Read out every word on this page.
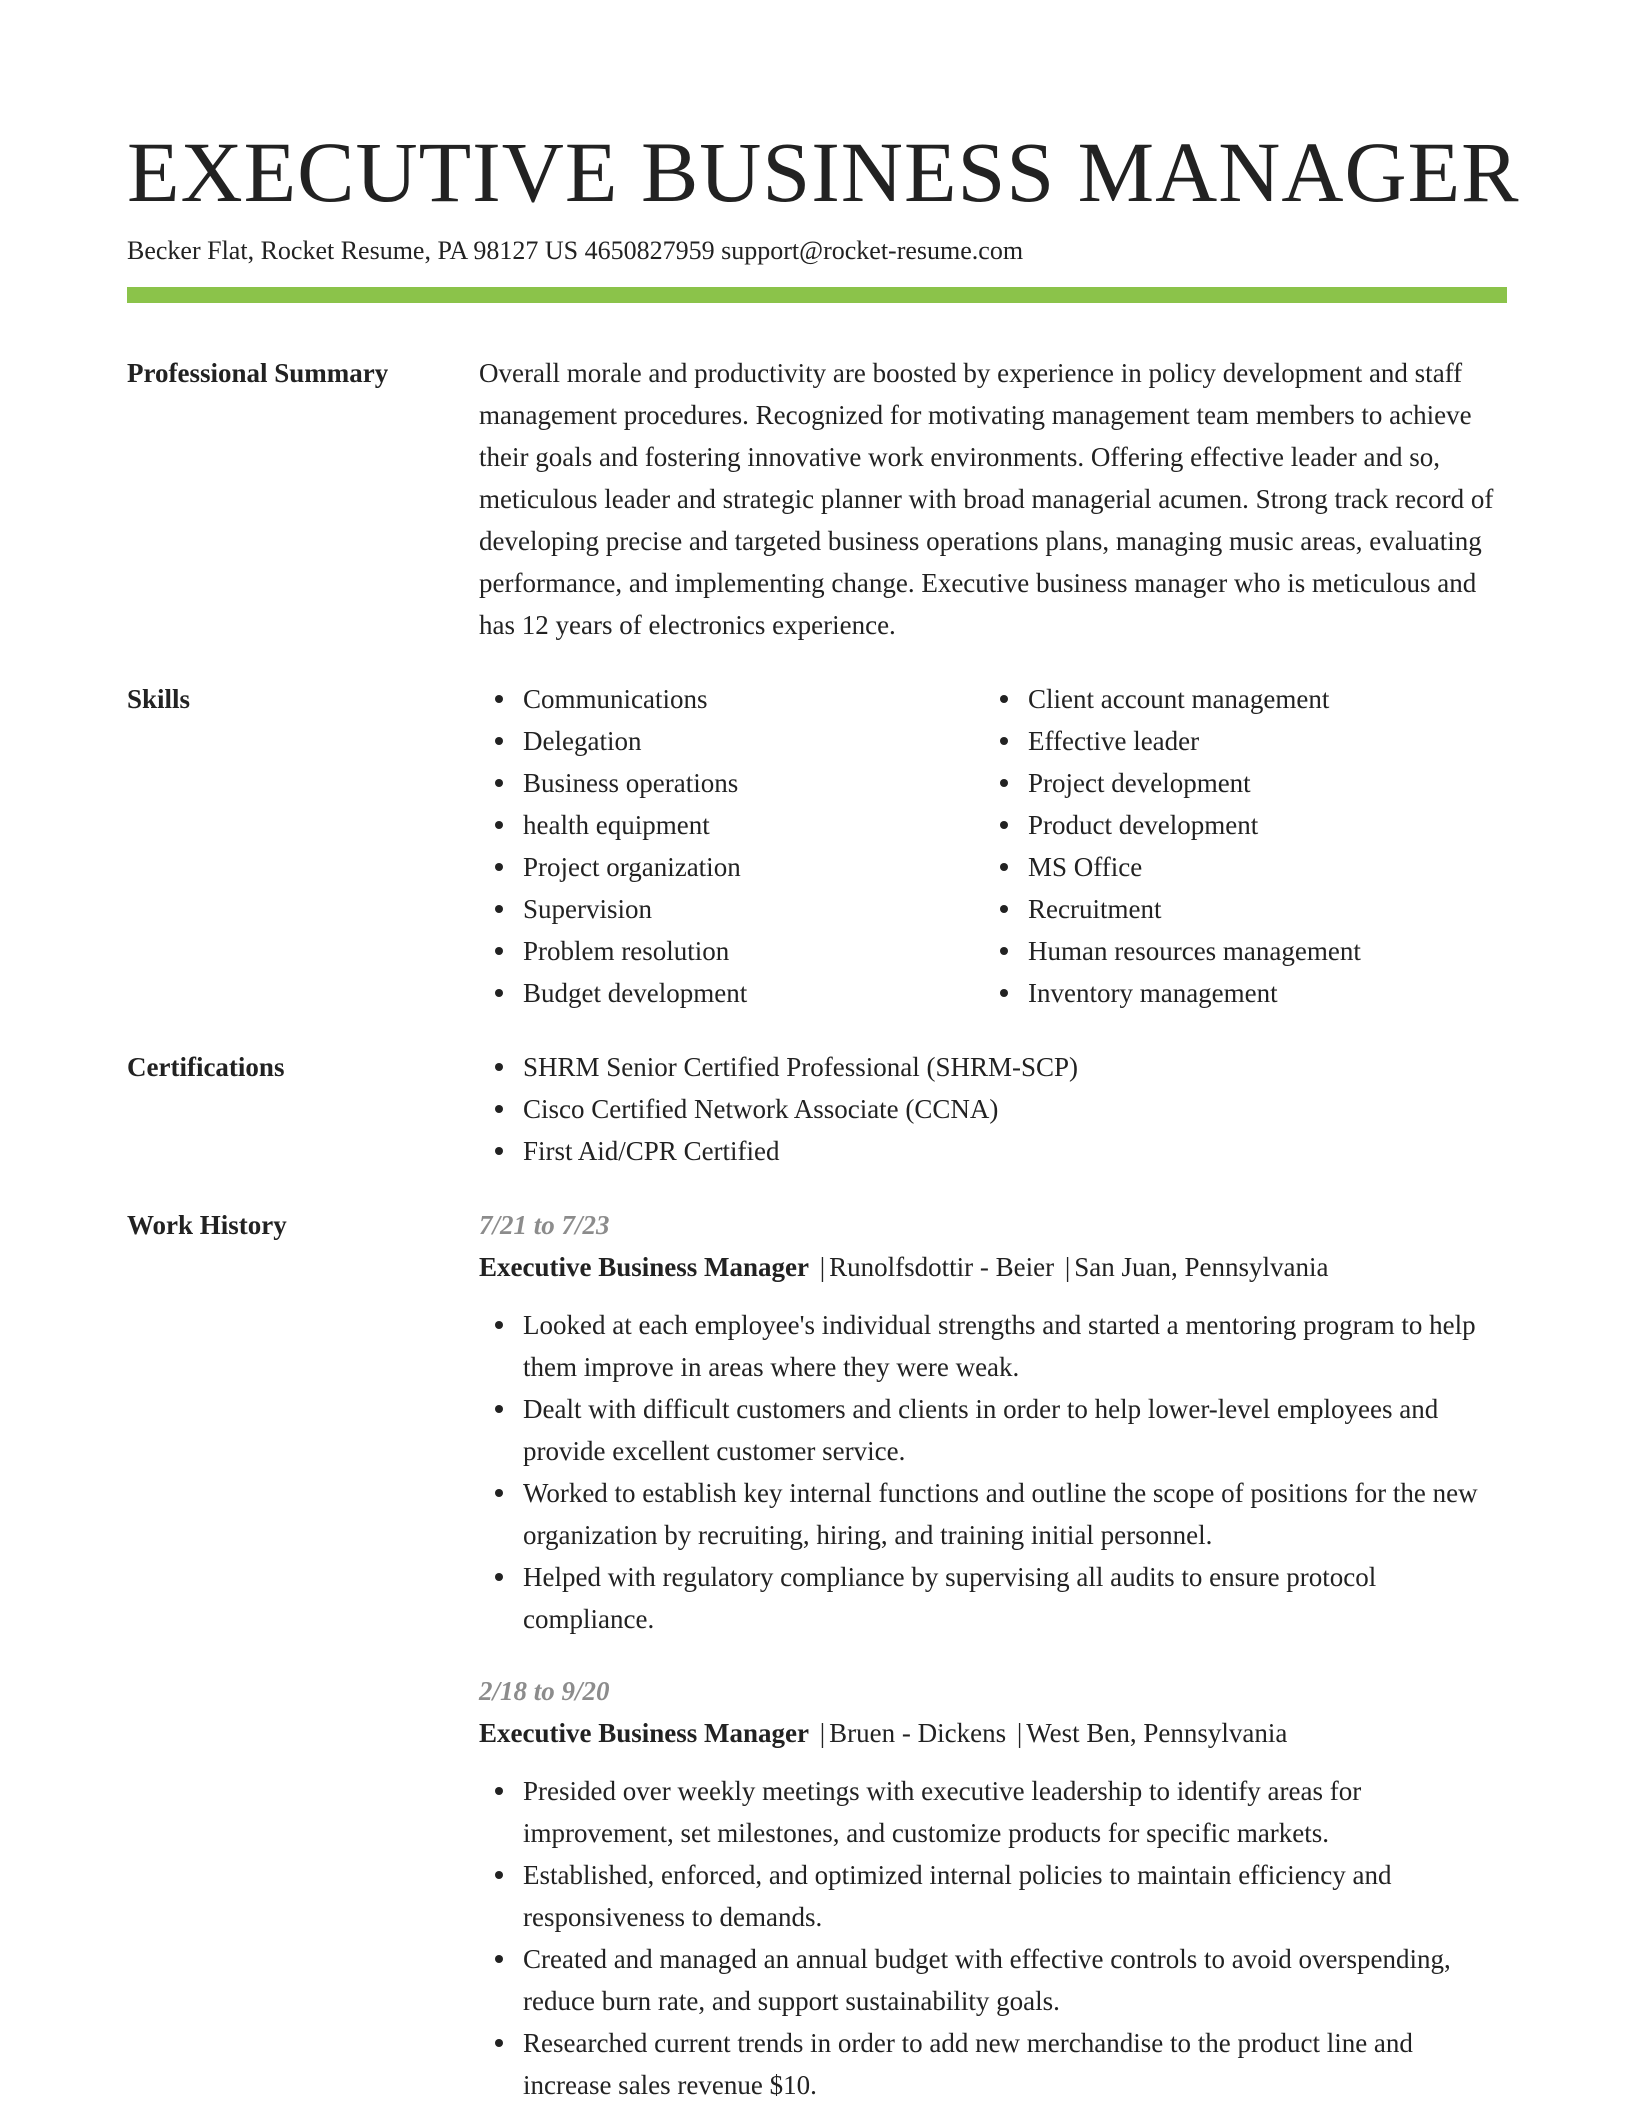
EXECUTIVE BUSINESS MANAGER
Becker Flat, Rocket Resume, PA 98127 US 4650827959 support@rocket-resume.com
Professional Summary	Overall morale and productivity are boosted by experience in policy development and staff management procedures. Recognized for motivating management team members to achieve their goals and fostering innovative work environments. Offering effective leader and so, meticulous leader and strategic planner with broad managerial acumen. Strong track record of developing precise and targeted business operations plans, managing music areas, evaluating performance, and implementing change. Executive business manager who is meticulous and has 12 years of electronics experience.
Skills	Communications
Delegation
Business operations
health equipment
Project organization
Supervision
Problem resolution
Budget development
Client account management
Effective leader
Project development
Product development
MS Office
Recruitment
Human resources management
Inventory management
Certifications	SHRM Senior Certified Professional (SHRM-SCP)
Cisco Certified Network Associate (CCNA)
First Aid/CPR Certified
Work History	7/21 to 7/23
Executive Business Manager | Runolfsdottir - Beier | San Juan, Pennsylvania
Looked at each employee's individual strengths and started a mentoring program to help them improve in areas where they were weak.
Dealt with difficult customers and clients in order to help lower-level employees and provide excellent customer service.
Worked to establish key internal functions and outline the scope of positions for the new organization by recruiting, hiring, and training initial personnel.
Helped with regulatory compliance by supervising all audits to ensure protocol compliance.
2/18 to 9/20
Executive Business Manager | Bruen - Dickens | West Ben, Pennsylvania
Presided over weekly meetings with executive leadership to identify areas for improvement, set milestones, and customize products for specific markets.
Established, enforced, and optimized internal policies to maintain efficiency and responsiveness to demands.
Created and managed an annual budget with effective controls to avoid overspending, reduce burn rate, and support sustainability goals.
Researched current trends in order to add new merchandise to the product line and increase sales revenue $10.
